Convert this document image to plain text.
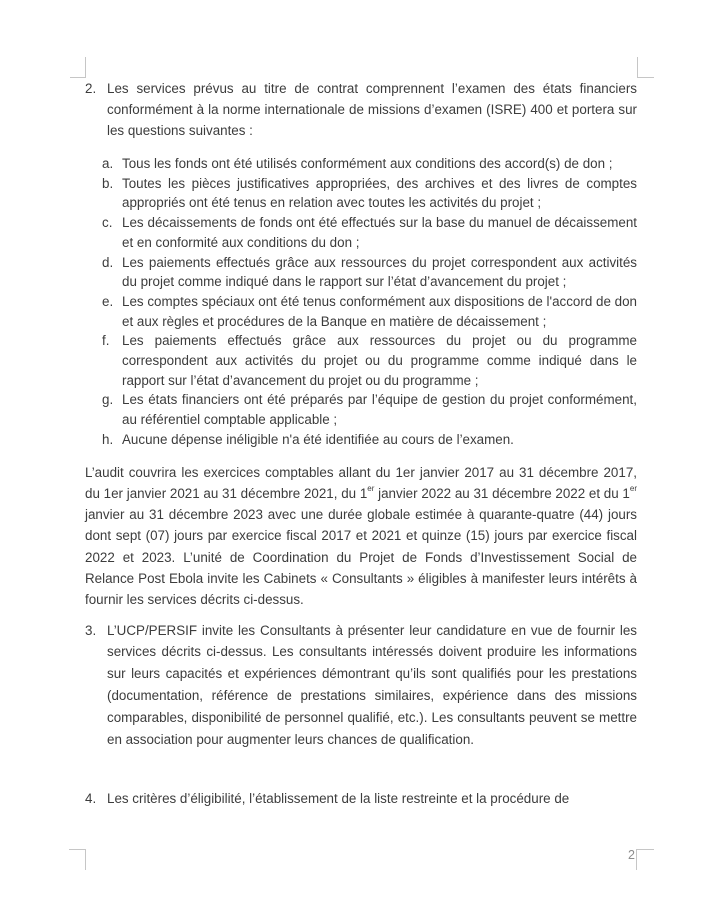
2. Les services prévus au titre de contrat comprennent l’examen des états financiers conformément à la norme internationale de missions d’examen (ISRE) 400 et portera sur les questions suivantes :
a. Tous les fonds ont été utilisés conformément aux conditions des accord(s) de don ;
b. Toutes les pièces justificatives appropriées, des archives et des livres de comptes appropriés ont été tenus en relation avec toutes les activités du projet ;
c. Les décaissements de fonds ont été effectués sur la base du manuel de décaissement et en conformité aux conditions du don ;
d. Les paiements effectués grâce aux ressources du projet correspondent aux activités du projet comme indiqué dans le rapport sur l’état d’avancement du projet ;
e. Les comptes spéciaux ont été tenus conformément aux dispositions de l'accord de don et aux règles et procédures de la Banque en matière de décaissement ;
f. Les paiements effectués grâce aux ressources du projet ou du programme correspondent aux activités du projet ou du programme comme indiqué dans le rapport sur l’état d’avancement du projet ou du programme ;
g. Les états financiers ont été préparés par l’équipe de gestion du projet conformément, au référentiel comptable applicable ;
h. Aucune dépense inéligible n'a été identifiée au cours de l’examen.

L’audit couvrira les exercices comptables allant du 1er janvier 2017 au 31 décembre 2017, du 1er janvier 2021 au 31 décembre 2021, du 1er janvier 2022 au 31 décembre 2022 et du 1er janvier au 31 décembre 2023 avec une durée globale estimée à quarante-quatre (44) jours dont sept (07) jours par exercice fiscal 2017 et 2021 et quinze (15) jours par exercice fiscal 2022 et 2023. L’unité de Coordination du Projet de Fonds d’Investissement Social de Relance Post Ebola invite les Cabinets « Consultants » éligibles à manifester leurs intérêts à fournir les services décrits ci-dessus.

3. L’UCP/PERSIF invite les Consultants à présenter leur candidature en vue de fournir les services décrits ci-dessus. Les consultants intéressés doivent produire les informations sur leurs capacités et expériences démontrant qu’ils sont qualifiés pour les prestations (documentation, référence de prestations similaires, expérience dans des missions comparables, disponibilité de personnel qualifié, etc.). Les consultants peuvent se mettre en association pour augmenter leurs chances de qualification.
4. Les critères d’éligibilité, l’établissement de la liste restreinte et la procédure de
2
